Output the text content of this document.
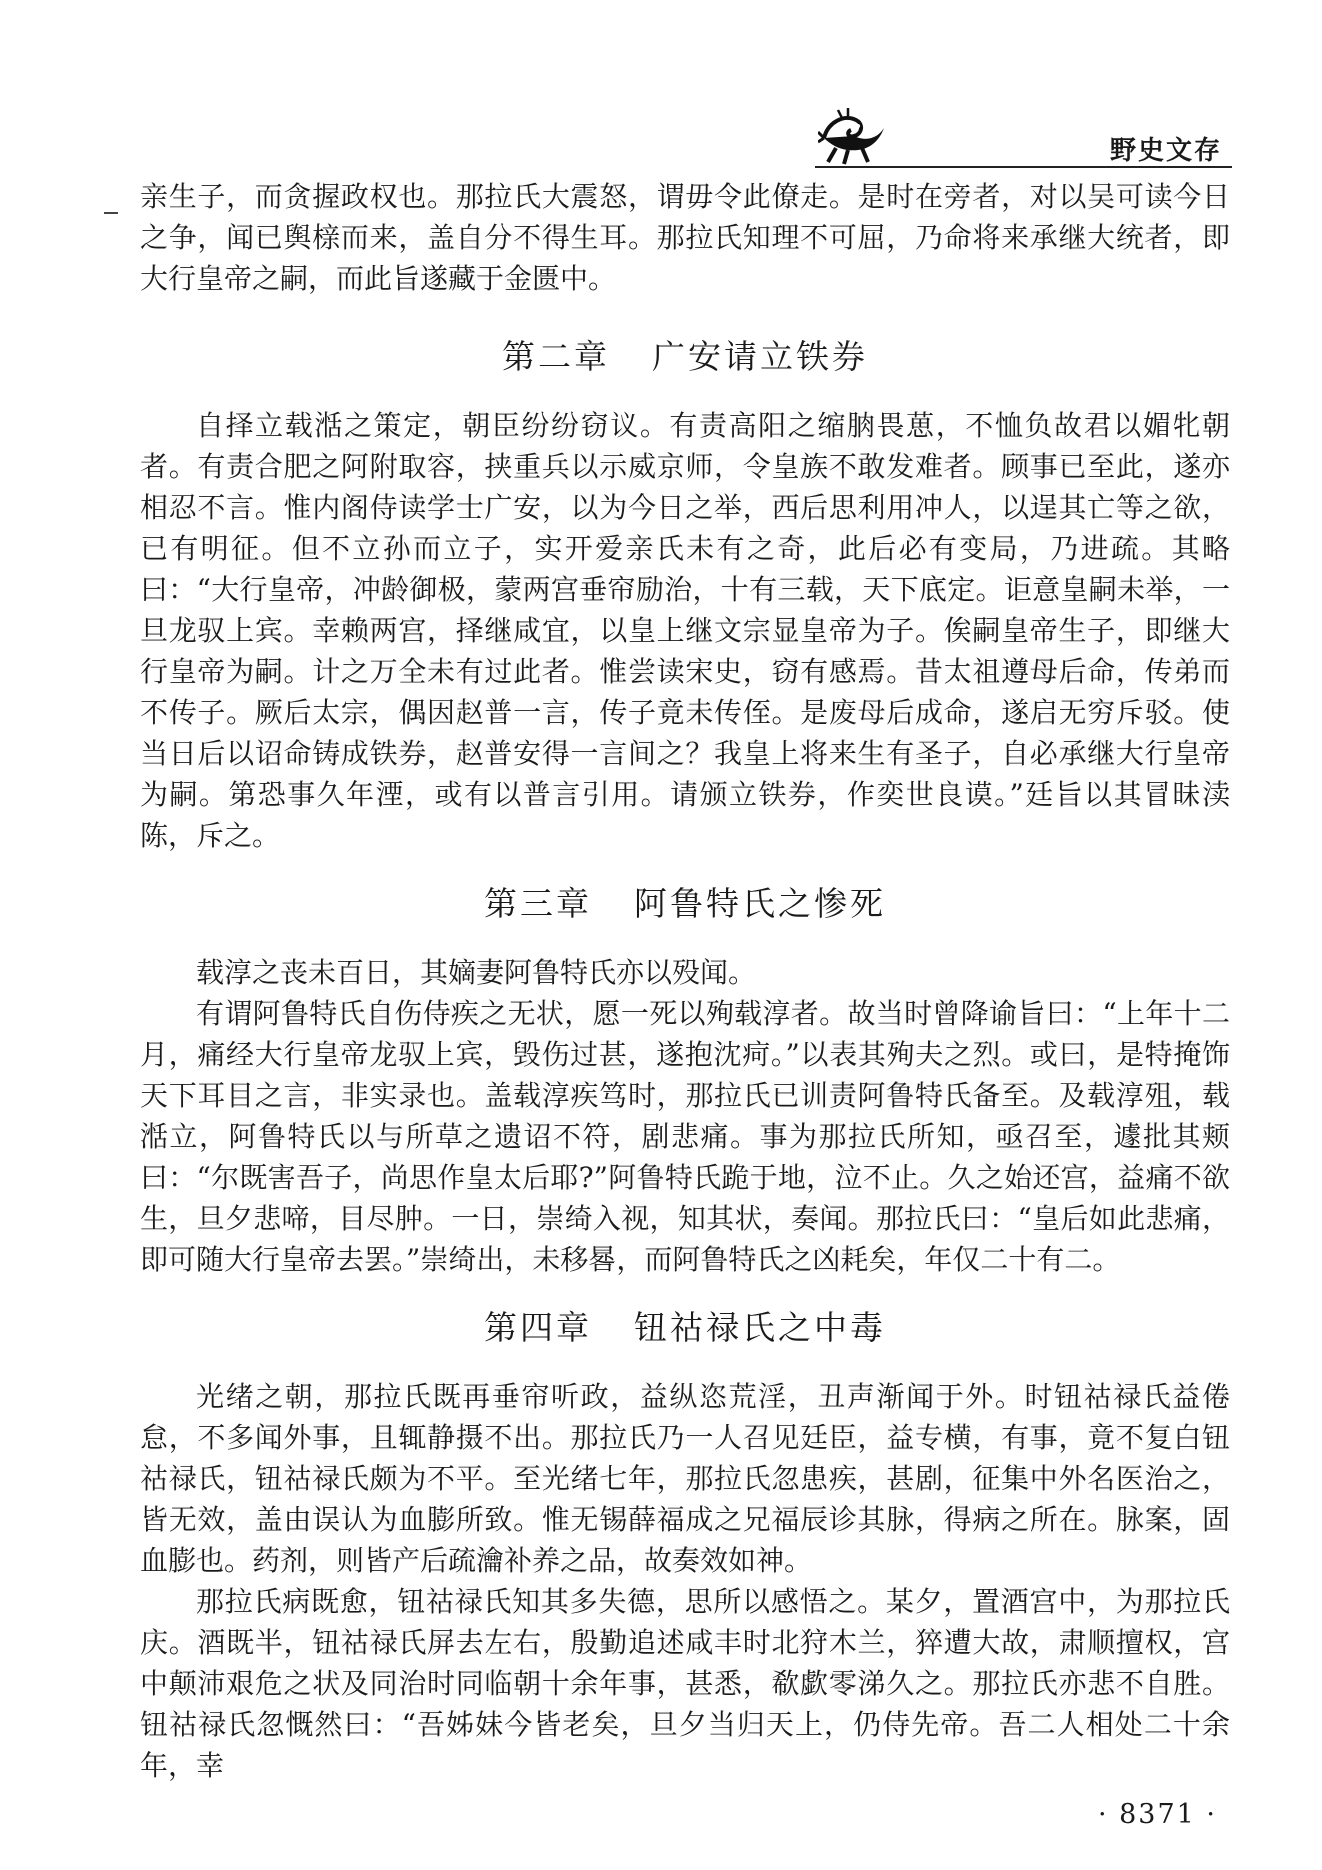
野史文存

亲生子，而贪握政权也。那拉氏大震怒，谓毋令此僚走。是时在旁者，对以吴可读今日之争，闻已舆榇而来，盖自分不得生耳。那拉氏知理不可屈，乃命将来承继大统者，即大行皇帝之嗣，而此旨遂藏于金匮中。

第二章 广安请立铁券

自择立载湉之策定，朝臣纷纷窃议。有责高阳之缩朒畏葸，不恤负故君以媚牝朝者。有责合肥之阿附取容，挟重兵以示威京师，令皇族不敢发难者。顾事已至此，遂亦相忍不言。惟内阁侍读学士广安，以为今日之举，西后思利用冲人，以逞其亡等之欲，已有明征。但不立孙而立子，实开爱亲氏未有之奇，此后必有变局，乃进疏。其略曰：“大行皇帝，冲龄御极，蒙两宫垂帘励治，十有三载，天下底定。讵意皇嗣未举，一旦龙驭上宾。幸赖两宫，择继咸宜，以皇上继文宗显皇帝为子。俟嗣皇帝生子，即继大行皇帝为嗣。计之万全未有过此者。惟尝读宋史，窃有感焉。昔太祖遵母后命，传弟而不传子。厥后太宗，偶因赵普一言，传子竟未传侄。是废母后成命，遂启无穷斥驳。使当日后以诏命铸成铁券，赵普安得一言间之？我皇上将来生有圣子，自必承继大行皇帝为嗣。第恐事久年湮，或有以普言引用。请颁立铁券，作奕世良谟。”廷旨以其冒昧渎陈，斥之。

第三章 阿鲁特氏之惨死

载淳之丧未百日，其嫡妻阿鲁特氏亦以殁闻。

有谓阿鲁特氏自伤侍疾之无状，愿一死以殉载淳者。故当时曾降谕旨曰：“上年十二月，痛经大行皇帝龙驭上宾，毁伤过甚，遂抱沈疴。”以表其殉夫之烈。或曰，是特掩饰天下耳目之言，非实录也。盖载淳疾笃时，那拉氏已训责阿鲁特氏备至。及载淳殂，载湉立，阿鲁特氏以与所草之遗诏不符，剧悲痛。事为那拉氏所知，亟召至，遽批其颊曰：“尔既害吾子，尚思作皇太后耶?”阿鲁特氏跪于地，泣不止。久之始还宫，益痛不欲生，旦夕悲啼，目尽肿。一日，崇绮入视，知其状，奏闻。那拉氏曰：“皇后如此悲痛，即可随大行皇帝去罢。”崇绮出，未移晷，而阿鲁特氏之凶耗矣，年仅二十有二。

第四章 钮祜禄氏之中毒

光绪之朝，那拉氏既再垂帘听政，益纵恣荒淫，丑声渐闻于外。时钮祜禄氏益倦怠，不多闻外事，且辄静摄不出。那拉氏乃一人召见廷臣，益专横，有事，竟不复白钮祜禄氏，钮祜禄氏颇为不平。至光绪七年，那拉氏忽患疾，甚剧，征集中外名医治之，皆无效，盖由误认为血膨所致。惟无锡薛福成之兄福辰诊其脉，得病之所在。脉案，固血膨也。药剂，则皆产后疏瀹补养之品，故奏效如神。

那拉氏病既愈，钮祜禄氏知其多失德，思所以感悟之。某夕，置酒宫中，为那拉氏庆。酒既半，钮祜禄氏屏去左右，殷勤追述咸丰时北狩木兰，猝遭大故，肃顺擅权，宫中颠沛艰危之状及同治时同临朝十余年事，甚悉，欷歔零涕久之。那拉氏亦悲不自胜。钮祜禄氏忽慨然曰：“吾姊妹今皆老矣，旦夕当归天上，仍侍先帝。吾二人相处二十余年，幸

· 8371 ·
